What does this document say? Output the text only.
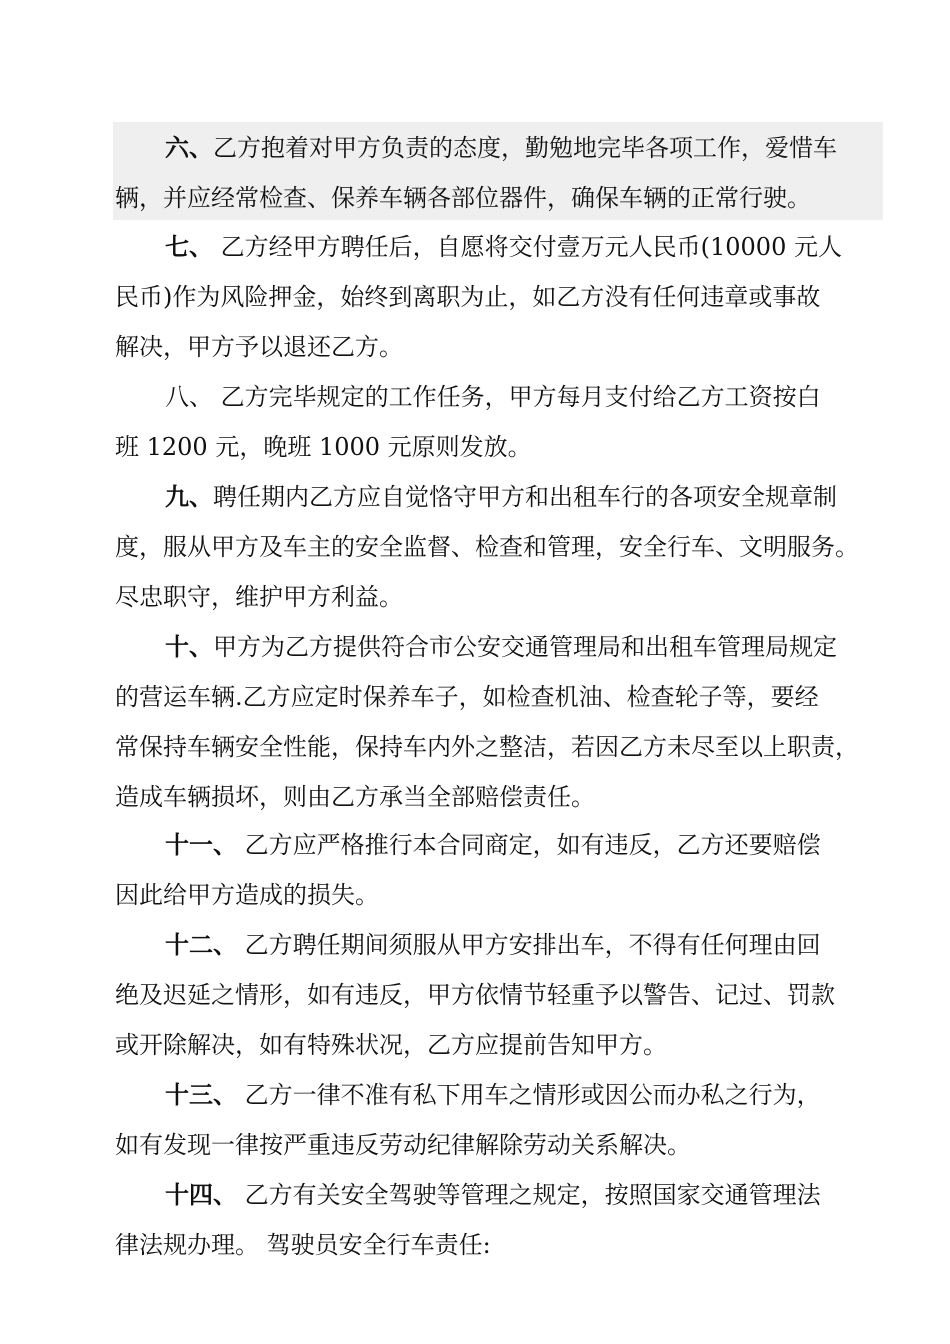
六、乙方抱着对甲方负责的态度，勤勉地完毕各项工作，爱惜车
辆，并应经常检查、保养车辆各部位器件，确保车辆的正常行驶。
七、 乙方经甲方聘任后，自愿将交付壹万元人民币(10000 元人
民币)作为风险押金，始终到离职为止，如乙方没有任何违章或事故
解决，甲方予以退还乙方。
八、 乙方完毕规定的工作任务，甲方每月支付给乙方工资按白
班 1200 元，晚班 1000 元原则发放。
九、聘任期内乙方应自觉恪守甲方和出租车行的各项安全规章制
度，服从甲方及车主的安全监督、检查和管理，安全行车、文明服务。
尽忠职守，维护甲方利益。
十、甲方为乙方提供符合市公安交通管理局和出租车管理局规定
的营运车辆.乙方应定时保养车子，如检查机油、检查轮子等，要经
常保持车辆安全性能，保持车内外之整洁，若因乙方未尽至以上职责，
造成车辆损坏，则由乙方承当全部赔偿责任。
十一、 乙方应严格推行本合同商定，如有违反，乙方还要赔偿
因此给甲方造成的损失。
十二、 乙方聘任期间须服从甲方安排出车，不得有任何理由回
绝及迟延之情形，如有违反，甲方依情节轻重予以警告、记过、罚款
或开除解决，如有特殊状况，乙方应提前告知甲方。
十三、 乙方一律不准有私下用车之情形或因公而办私之行为，
如有发现一律按严重违反劳动纪律解除劳动关系解决。
十四、 乙方有关安全驾驶等管理之规定，按照国家交通管理法
律法规办理。 驾驶员安全行车责任:
